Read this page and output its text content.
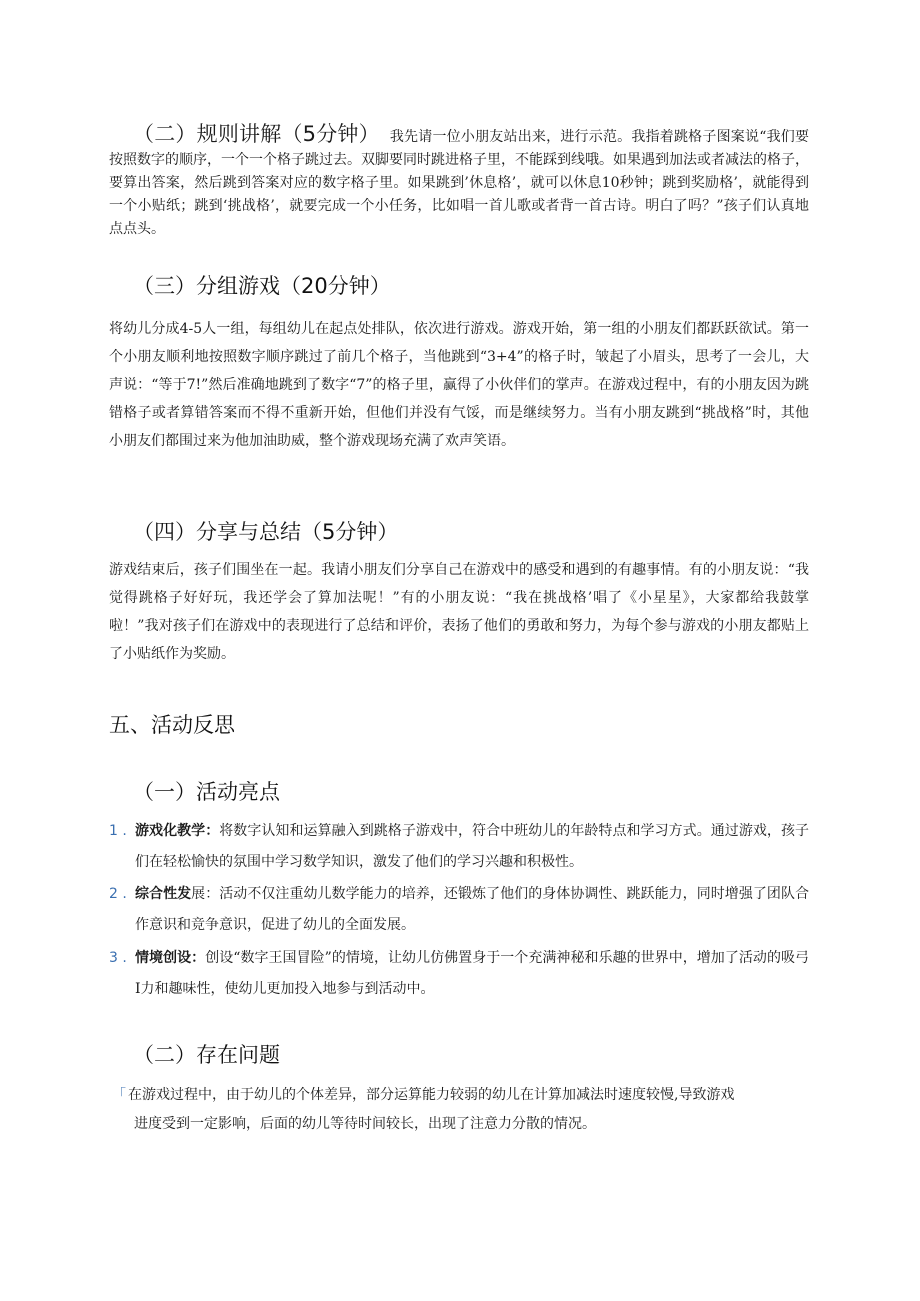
（二）规则讲解（5分钟） 我先请一位小朋友站出来，进行示范。我指着跳格子图案说“我们要按照数字的顺序，一个一个格子跳过去。双脚要同时跳进格子里，不能踩到线哦。如果遇到加法或者减法的格子，要算出答案，然后跳到答案对应的数字格子里。如果跳到’休息格’，就可以休息10秒钟；跳到奖励格’，就能得到一个小贴纸；跳到‘挑战格’，就要完成一个小任务，比如唱一首儿歌或者背一首古诗。明白了吗？”孩子们认真地点点头。
（三）分组游戏（20分钟）
将幼儿分成4-5人一组，每组幼儿在起点处排队，依次进行游戏。游戏开始，第一组的小朋友们都跃跃欲试。第一个小朋友顺利地按照数字顺序跳过了前几个格子，当他跳到“3+4”的格子时，皱起了小眉头，思考了一会儿，大声说：“等于7!”然后准确地跳到了数字“7”的格子里，赢得了小伙伴们的掌声。在游戏过程中，有的小朋友因为跳错格子或者算错答案而不得不重新开始，但他们并没有气馁，而是继续努力。当有小朋友跳到“挑战格”时，其他小朋友们都围过来为他加油助威，整个游戏现场充满了欢声笑语。
（四）分享与总结（5分钟）
游戏结束后，孩子们围坐在一起。我请小朋友们分享自己在游戏中的感受和遇到的有趣事情。有的小朋友说：“我觉得跳格子好好玩，我还学会了算加法呢！”有的小朋友说：“我在挑战格’唱了《小星星》，大家都给我鼓掌啦！”我对孩子们在游戏中的表现进行了总结和评价，表扬了他们的勇敢和努力，为每个参与游戏的小朋友都贴上了小贴纸作为奖励。
五、活动反思
（一）活动亮点
1 . 游戏化教学：将数字认知和运算融入到跳格子游戏中，符合中班幼儿的年龄特点和学习方式。通过游戏，孩子们在轻松愉快的氛围中学习数学知识，激发了他们的学习兴趣和积极性。
2 . 综合性发展：活动不仅注重幼儿数学能力的培养，还锻炼了他们的身体协调性、跳跃能力，同时增强了团队合作意识和竞争意识，促进了幼儿的全面发展。
3 . 情境创设：创设“数字王国冒险”的情境，让幼儿仿佛置身于一个充满神秘和乐趣的世界中，增加了活动的吸弓I力和趣味性，使幼儿更加投入地参与到活动中。
（二）存在问题
「 在游戏过程中，由于幼儿的个体差异，部分运算能力较弱的幼儿在计算加减法时速度较慢,导致游戏
进度受到一定影响，后面的幼儿等待时间较长，出现了注意力分散的情况。
